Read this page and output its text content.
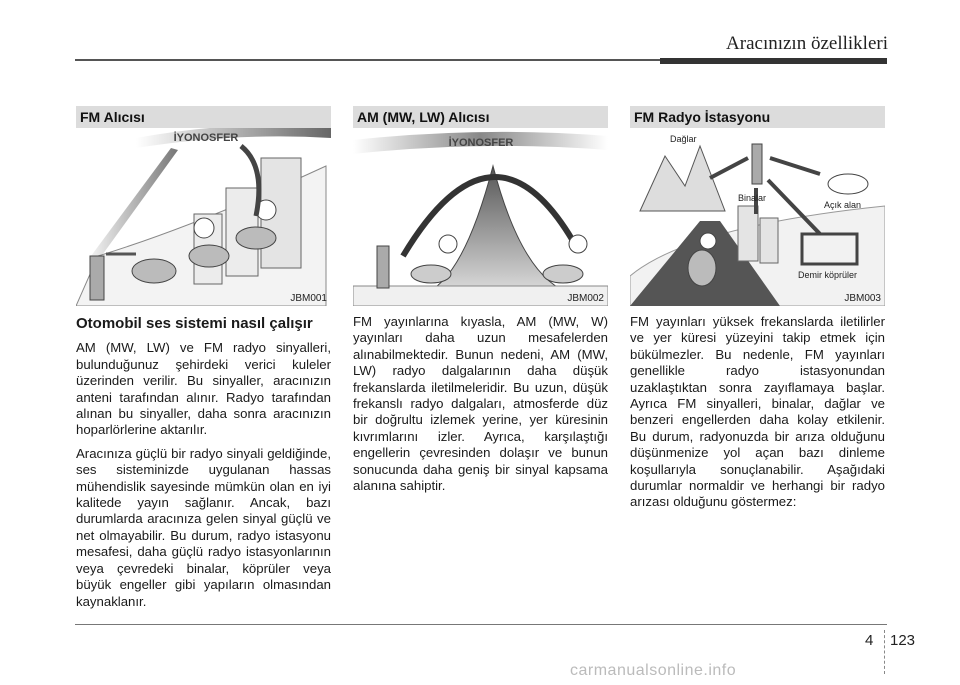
Aracınızın özellikleri
İYONOSFER
FM Alıcısı
JBM001
İYONOSFER
AM (MW, LW) Alıcısı
JBM002
Dağlar
Binalar
Açık alan
Demir köprüler
FM Radyo İstasyonu
JBM003
Otomobil ses sistemi nasıl çalışır

AM (MW, LW) ve FM radyo sinyalleri, bulunduğunuz şehirdeki verici kuleler üzerinden verilir. Bu sinyaller, aracınızın anteni tarafından alınır. Radyo tarafından alınan bu sinyaller, daha sonra aracınızın hoparlörlerine aktarılır.

Aracınıza güçlü bir radyo sinyali geldiğinde, ses sisteminizde uygulanan hassas mühendislik sayesinde mümkün olan en iyi kalitede yayın sağlanır. Ancak, bazı durumlarda aracınıza gelen sinyal güçlü ve net olmayabilir. Bu durum, radyo istasyonu mesafesi, daha güçlü radyo istasyonlarının veya çevredeki binalar, köprüler veya büyük engeller gibi yapıların olmasından kaynaklanır.

FM yayınlarına kıyasla, AM (MW, W) yayınları daha uzun mesafelerden alınabilmektedir. Bunun nedeni, AM (MW, LW) radyo dalgalarının daha düşük frekanslarda iletilmeleridir. Bu uzun, düşük frekanslı radyo dalgaları, atmosferde düz bir doğrultu izlemek yerine, yer küresinin kıvrımlarını izler. Ayrıca, karşılaştığı engellerin çevresinden dolaşır ve bunun sonucunda daha geniş bir sinyal kapsama alanına sahiptir.

FM yayınları yüksek frekanslarda iletilirler ve yer küresi yüzeyini takip etmek için bükülmezler. Bu nedenle, FM yayınları genellikle radyo istasyonundan uzaklaştıktan sonra zayıflamaya başlar. Ayrıca FM sinyalleri, binalar, dağlar ve benzeri engellerden daha kolay etkilenir. Bu durum, radyonuzda bir arıza olduğunu düşünmenize yol açan bazı dinleme koşullarıyla sonuçlanabilir. Aşağıdaki durumlar normaldir ve herhangi bir radyo arızası olduğunu göstermez:

4 123
carmanualsonline.info
